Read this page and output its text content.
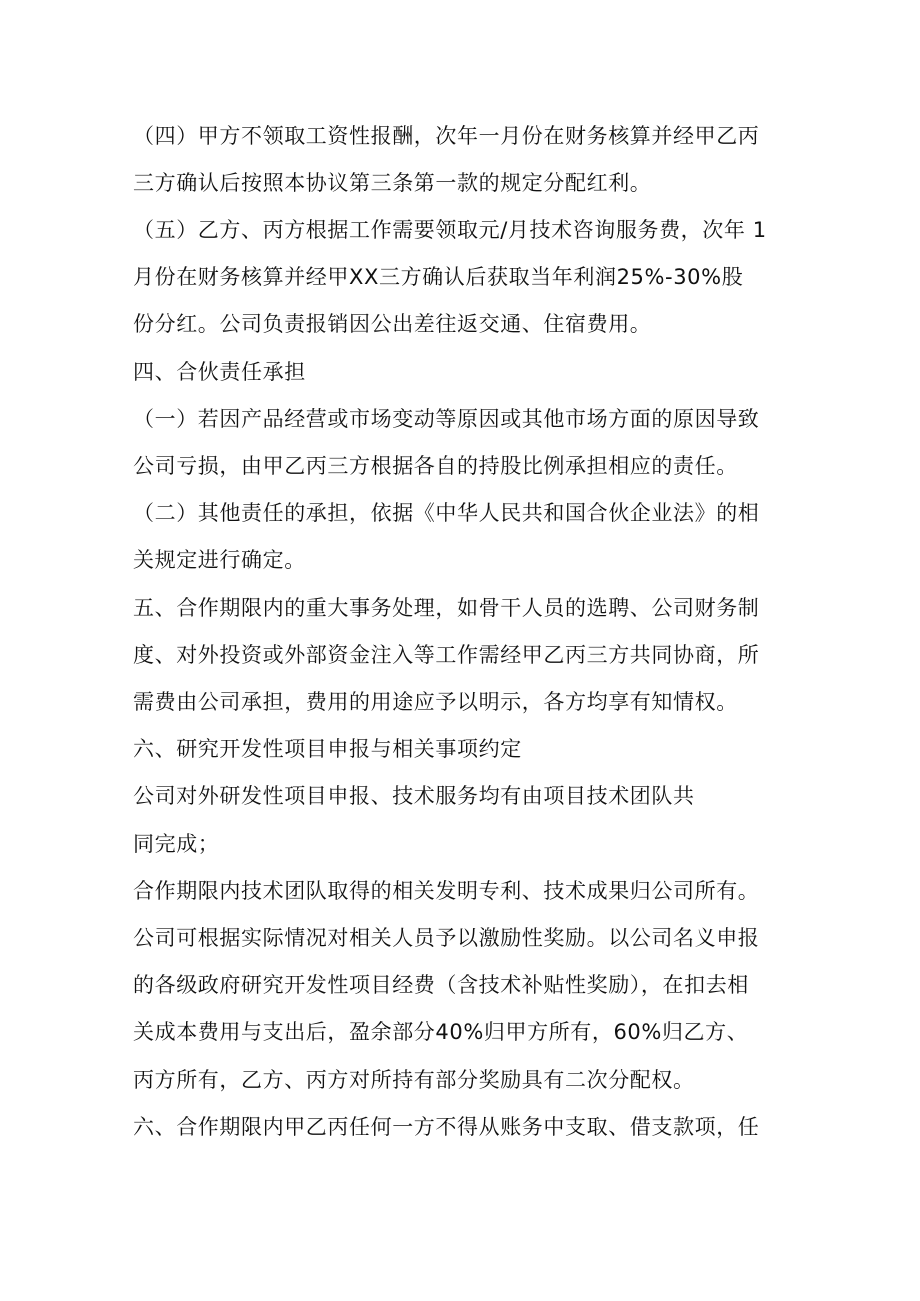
（四）甲方不领取工资性报酬，次年一月份在财务核算并经甲乙丙
三方确认后按照本协议第三条第一款的规定分配红利。
（五）乙方、丙方根据工作需要领取元/月技术咨询服务费，次年 1
月份在财务核算并经甲XX三方确认后获取当年利润25%-30%股
份分红。公司负责报销因公出差往返交通、住宿费用。
四、合伙责任承担
（一）若因产品经营或市场变动等原因或其他市场方面的原因导致
公司亏损，由甲乙丙三方根据各自的持股比例承担相应的责任。
（二）其他责任的承担，依据《中华人民共和国合伙企业法》的相
关规定进行确定。
五、合作期限内的重大事务处理，如骨干人员的选聘、公司财务制
度、对外投资或外部资金注入等工作需经甲乙丙三方共同协商，所
需费由公司承担，费用的用途应予以明示，各方均享有知情权。
六、研究开发性项目申报与相关事项约定
公司对外研发性项目申报、技术服务均有由项目技术团队共
同完成；
合作期限内技术团队取得的相关发明专利、技术成果归公司所有。
公司可根据实际情况对相关人员予以激励性奖励。以公司名义申报
的各级政府研究开发性项目经费（含技术补贴性奖励），在扣去相
关成本费用与支出后，盈余部分40%归甲方所有，60%归乙方、
丙方所有，乙方、丙方对所持有部分奖励具有二次分配权。
六、合作期限内甲乙丙任何一方不得从账务中支取、借支款项，任
